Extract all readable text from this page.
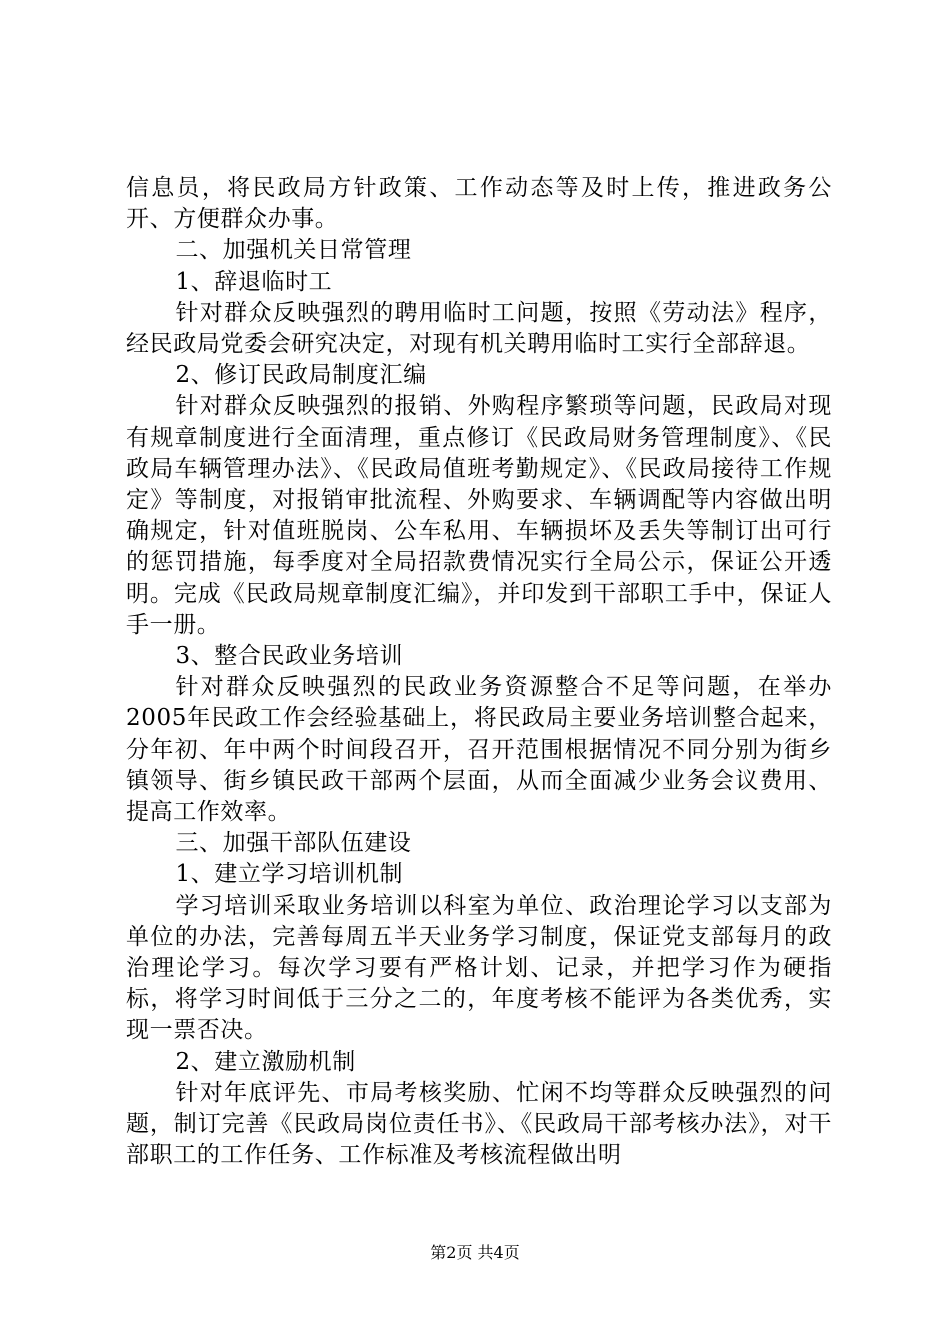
信息员，将民政局方针政策、工作动态等及时上传，推进政务公开、方便群众办事。

二、加强机关日常管理

1、辞退临时工

针对群众反映强烈的聘用临时工问题，按照《劳动法》程序，经民政局党委会研究决定，对现有机关聘用临时工实行全部辞退。

2、修订民政局制度汇编

针对群众反映强烈的报销、外购程序繁琐等问题，民政局对现有规章制度进行全面清理，重点修订《民政局财务管理制度》、《民政局车辆管理办法》、《民政局值班考勤规定》、《民政局接待工作规定》等制度，对报销审批流程、外购要求、车辆调配等内容做出明确规定，针对值班脱岗、公车私用、车辆损坏及丢失等制订出可行的惩罚措施，每季度对全局招款费情况实行全局公示，保证公开透明。完成《民政局规章制度汇编》，并印发到干部职工手中，保证人手一册。

3、整合民政业务培训

针对群众反映强烈的民政业务资源整合不足等问题，在举办2005年民政工作会经验基础上，将民政局主要业务培训整合起来，分年初、年中两个时间段召开，召开范围根据情况不同分别为街乡镇领导、街乡镇民政干部两个层面，从而全面减少业务会议费用、提高工作效率。

三、加强干部队伍建设

1、建立学习培训机制

学习培训采取业务培训以科室为单位、政治理论学习以支部为单位的办法，完善每周五半天业务学习制度，保证党支部每月的政治理论学习。每次学习要有严格计划、记录，并把学习作为硬指标，将学习时间低于三分之二的，年度考核不能评为各类优秀，实现一票否决。

2、建立激励机制

针对年底评先、市局考核奖励、忙闲不均等群众反映强烈的问题，制订完善《民政局岗位责任书》、《民政局干部考核办法》，对干部职工的工作任务、工作标准及考核流程做出明

第2页 共4页
